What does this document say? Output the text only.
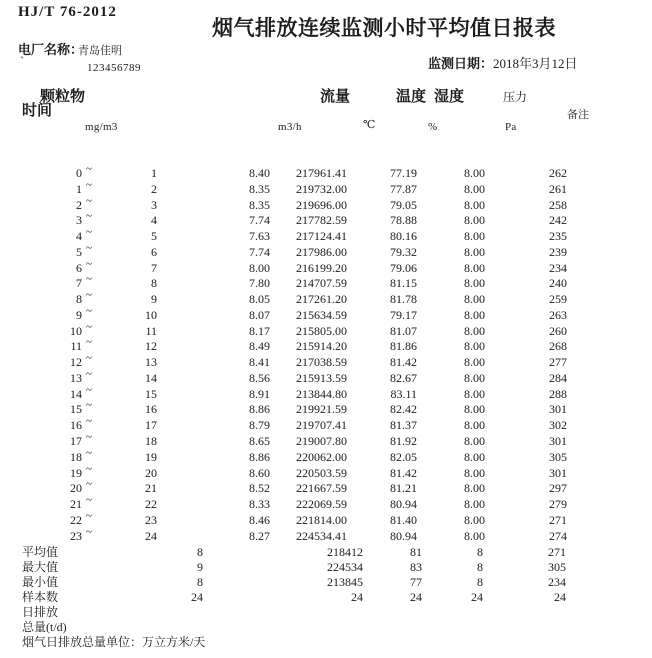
HJ/T 76-2012
烟气排放连续监测小时平均值日报表
电厂名称：
青岛佳明
`	123456789	监测日期：2018年3月12日
时间
颗粒物	流量	温度 湿度	压力
备注
mg/m3	m3/h	℃	%	Pa
0 ~	1	8.40	217961.41	77.19	8.00	262
1 ~	2	8.35	219732.00	77.87	8.00	261
2 ~	3	8.35	219696.00	79.05	8.00	258
3 ~	4	7.74	217782.59	78.88	8.00	242
4 ~	5	7.63	217124.41	80.16	8.00	235
5 ~	6	7.74	217986.00	79.32	8.00	239
6 ~	7	8.00	216199.20	79.06	8.00	234
7 ~	8	7.80	214707.59	81.15	8.00	240
8 ~	9	8.05	217261.20	81.78	8.00	259
9 ~	10	8.07	215634.59	79.17	8.00	263
10 ~	11	8.17	215805.00	81.07	8.00	260
11 ~	12	8.49	215914.20	81.86	8.00	268
12 ~	13	8.41	217038.59	81.42	8.00	277
13 ~	14	8.56	215913.59	82.67	8.00	284
14 ~	15	8.91	213844.80	83.11	8.00	288
15 ~	16	8.86	219921.59	82.42	8.00	301
16 ~	17	8.79	219707.41	81.37	8.00	302
17 ~	18	8.65	219007.80	81.92	8.00	301
18 ~	19	8.86	220062.00	82.05	8.00	305
19 ~	20	8.60	220503.59	81.42	8.00	301
20 ~	21	8.52	221667.59	81.21	8.00	297
21 ~	22	8.33	222069.59	80.94	8.00	279
22 ~	23	8.46	221814.00	81.40	8.00	271
23 ~	24	8.27	224534.41	80.94	8.00	274
平均值	8	218412	81	8	271
最大值	9	224534	83	8	305
最小值	8	213845	77	8	234
样本数	24	24	24	24	24
日排放
总量(t/d)
烟气日排放总量单位：万立方米/天
